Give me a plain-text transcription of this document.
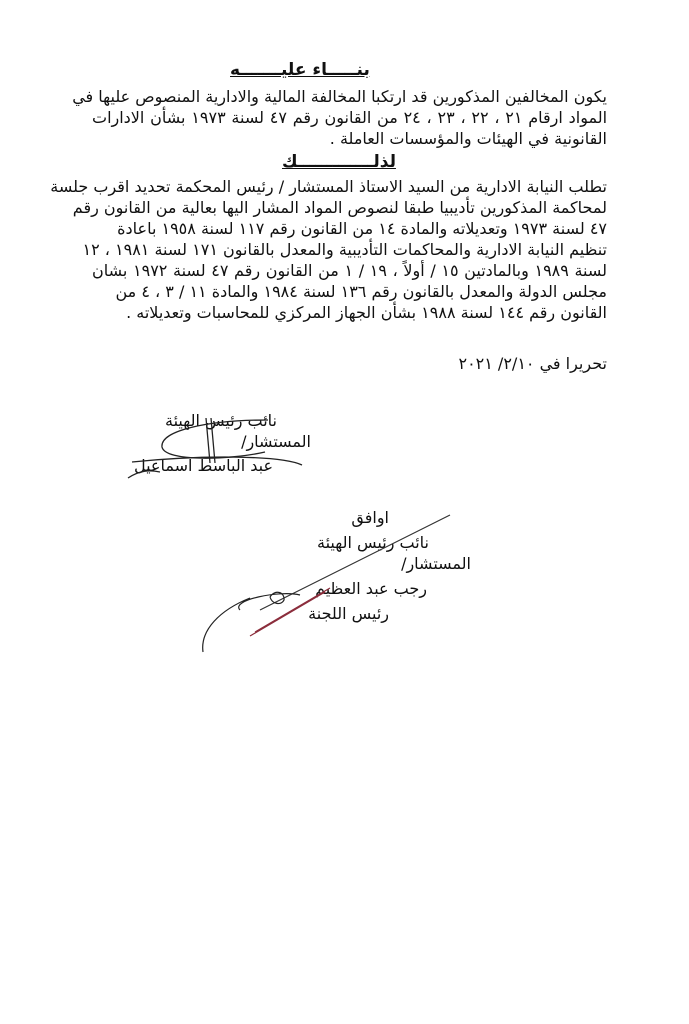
بنـــــاء عليـــــــه
يكون المخالفين المذكورين قد ارتكبا المخالفة المالية والادارية المنصوص عليها في
المواد ارقام ٢١ ، ٢٢ ، ٢٣ ، ٢٤ من القانون رقم ٤٧ لسنة ١٩٧٣ بشأن الادارات
القانونية في الهيئات والمؤسسات العاملة .
لذلـــــــــــــك
تطلب النيابة الادارية من السيد الاستاذ المستشار / رئيس المحكمة تحديد اقرب جلسة
لمحاكمة المذكورين تأديبيا طبقا لنصوص المواد المشار اليها بعالية من القانون رقم
٤٧ لسنة ١٩٧٣ وتعديلاته والمادة ١٤ من القانون رقم ١١٧ لسنة ١٩٥٨ باعادة
تنظيم النيابة الادارية والمحاكمات التأديبية والمعدل بالقانون ١٧١ لسنة ١٩٨١ ، ١٢
لسنة ١٩٨٩ وبالمادتين ١٥ / أولاً ، ١٩ / ١ من القانون رقم ٤٧ لسنة ١٩٧٢ بشان
مجلس الدولة والمعدل بالقانون رقم ١٣٦ لسنة ١٩٨٤ والمادة ١١ / ٣ ، ٤ من
القانون رقم ١٤٤ لسنة ١٩٨٨ بشأن الجهاز المركزي للمحاسبات وتعديلاته .
تحريرا في ٢/١٠/ ٢٠٢١
نائب رئيس الهيئة
المستشار/
عبد الباسط اسماعيل
اوافق
نائب رئيس الهيئة
المستشار/
رجب عبد العظيم
رئيس اللجنة
